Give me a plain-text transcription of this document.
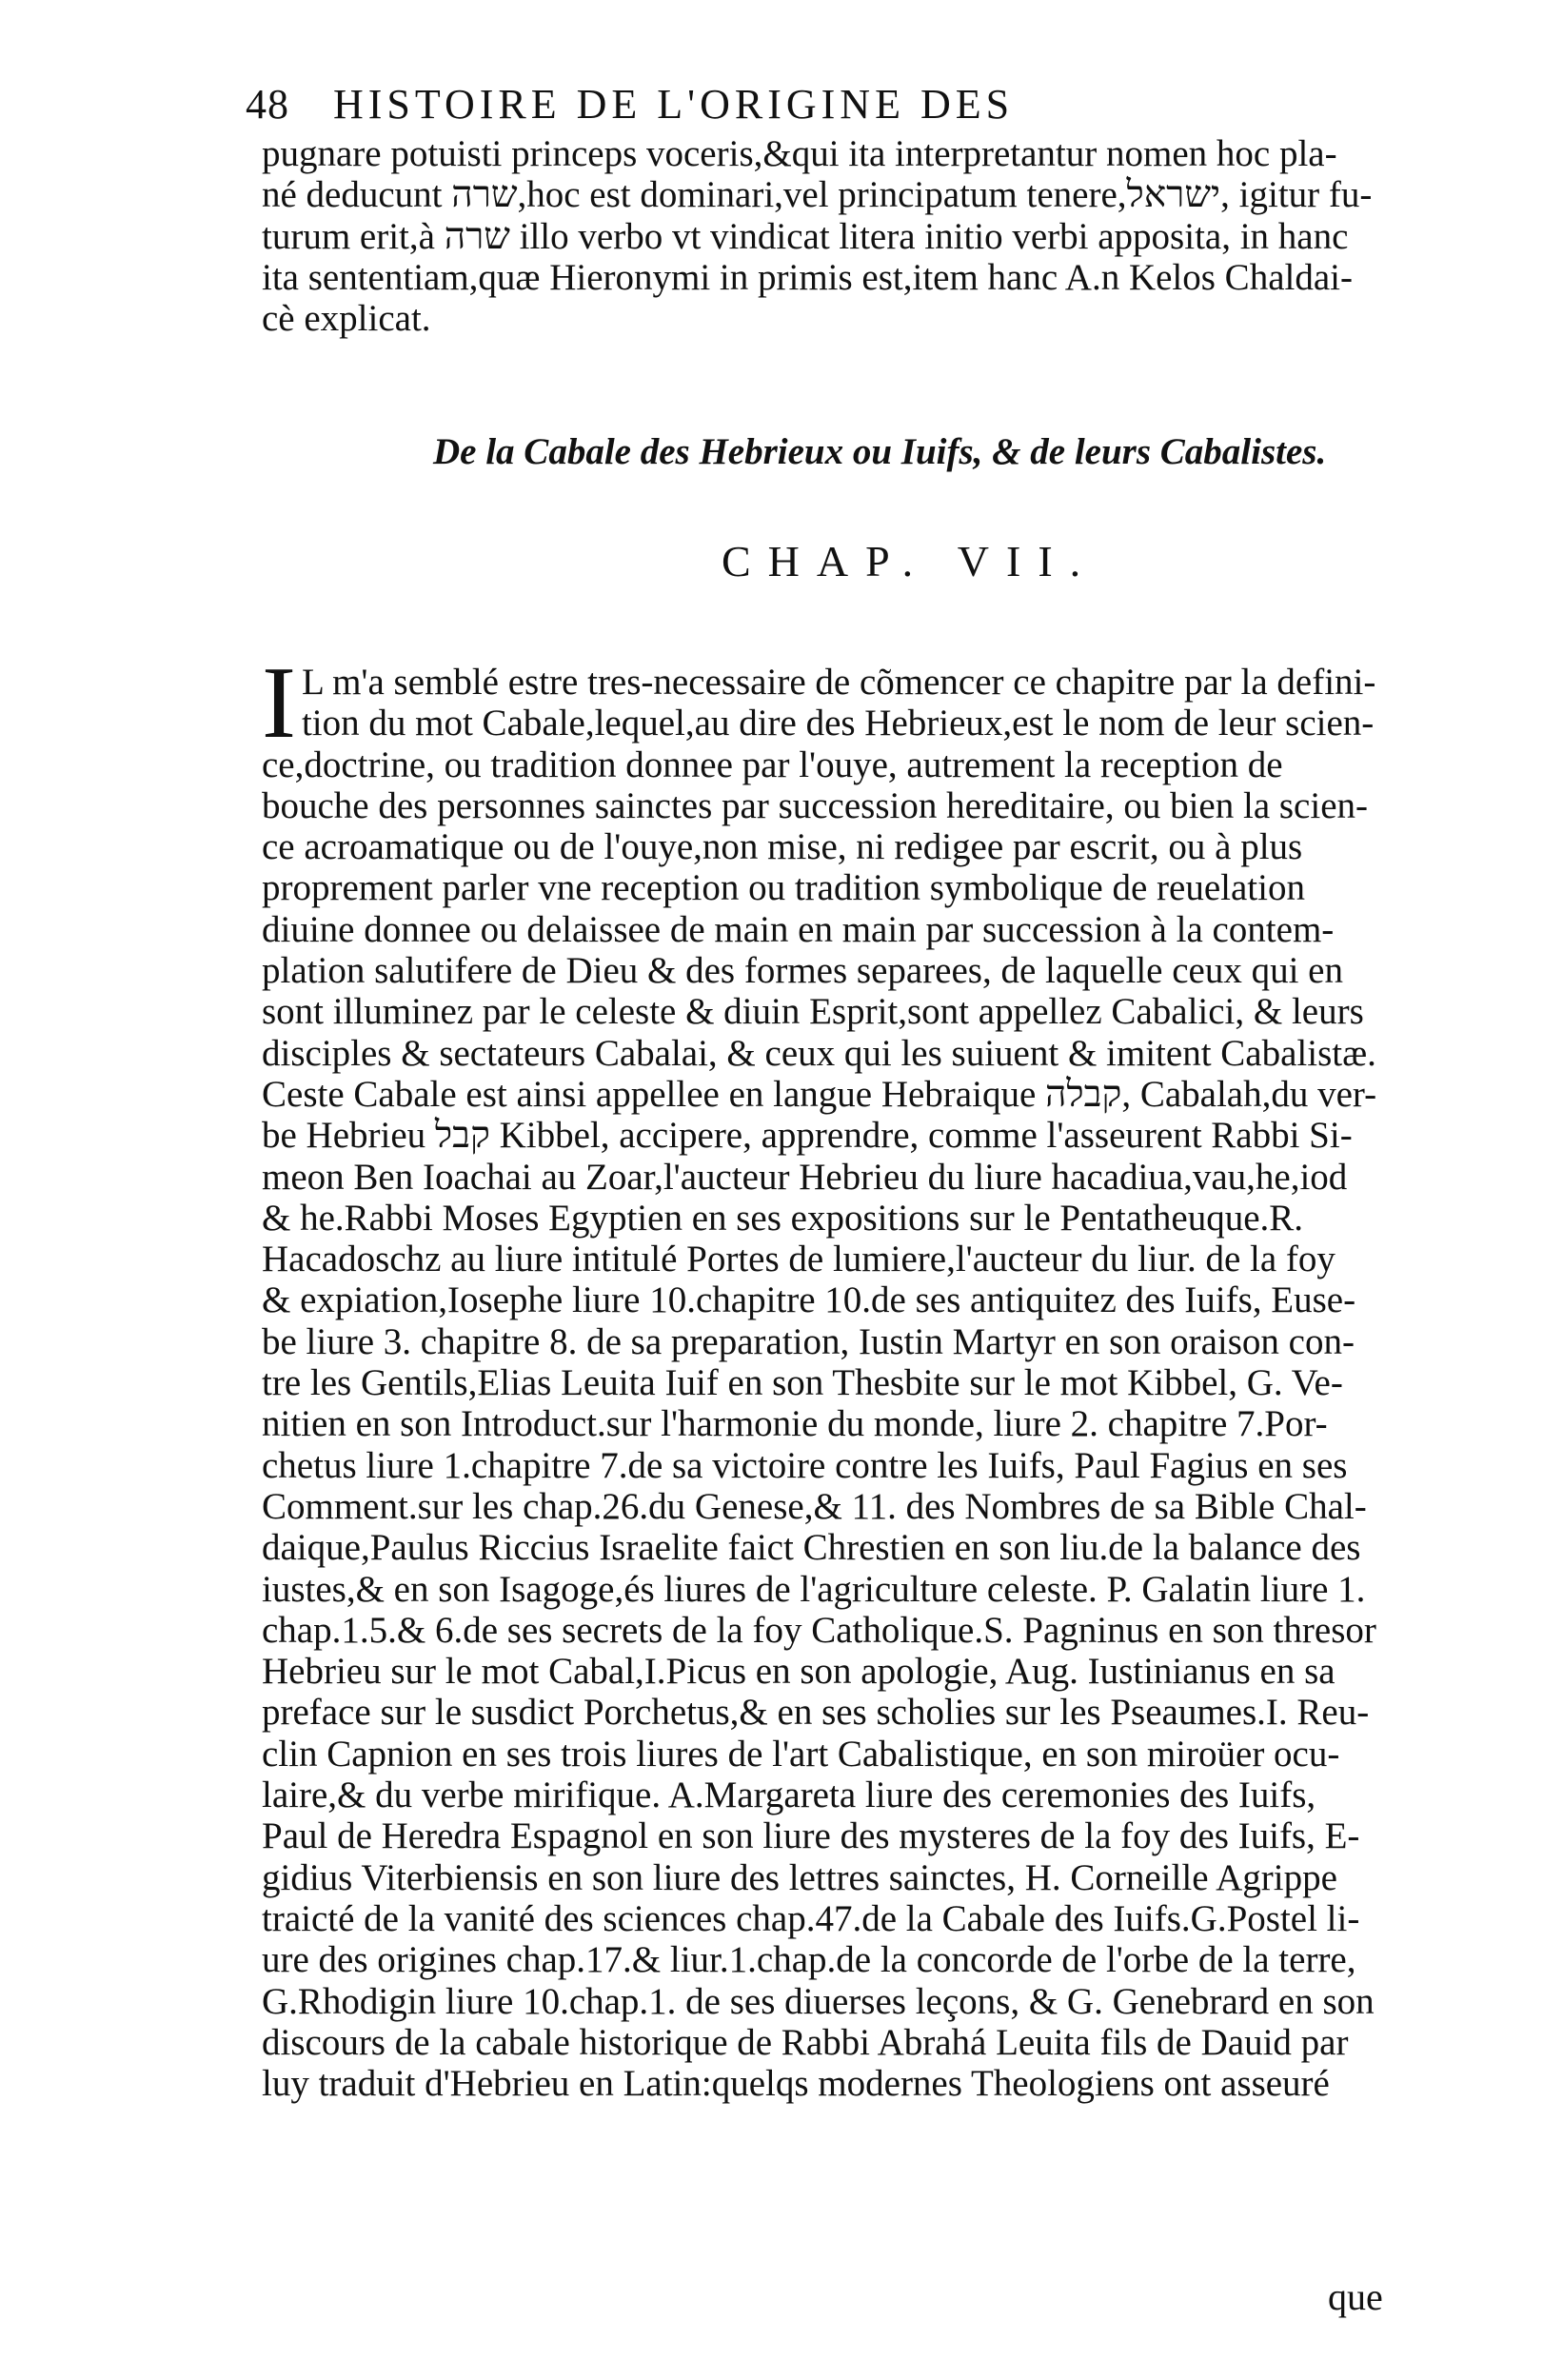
48 HISTOIRE DE L'ORIGINE DES
pugnare potuisti princeps voceris,&qui ita interpretantur nomen hoc pla-
né deducunt שרה,hoc est dominari,vel principatum tenere,ישראל, igitur fu-
turum erit,à שרה illo verbo vt vindicat litera initio verbi apposita, in hanc
ita sententiam,quæ Hieronymi in primis est,item hanc A.n Kelos Chaldai-
cè explicat.
De la Cabale des Hebrieux ou Iuifs, & de leurs Cabalistes.
CHAP. VII.
I L m'a semblé estre tres-necessaire de cõmencer ce chapitre par la defini-
tion du mot Cabale,lequel,au dire des Hebrieux,est le nom de leur scien-
ce,doctrine, ou tradition donnee par l'ouye, autrement la reception de
bouche des personnes sainctes par succession hereditaire, ou bien la scien-
ce acroamatique ou de l'ouye,non mise, ni redigee par escrit, ou à plus
proprement parler vne reception ou tradition symbolique de reuelation
diuine donnee ou delaissee de main en main par succession à la contem-
plation salutifere de Dieu & des formes separees, de laquelle ceux qui en
sont illuminez par le celeste & diuin Esprit,sont appellez Cabalici, & leurs
disciples & sectateurs Cabalai, & ceux qui les suiuent & imitent Cabalistæ.
Ceste Cabale est ainsi appellee en langue Hebraique קבלה, Cabalah,du ver-
be Hebrieu קבל Kibbel, accipere, apprendre, comme l'asseurent Rabbi Si-
meon Ben Ioachai au Zoar,l'aucteur Hebrieu du liure hacadiua,vau,he,iod
& he.Rabbi Moses Egyptien en ses expositions sur le Pentatheuque.R.
Hacadoschz au liure intitulé Portes de lumiere,l'aucteur du liur. de la foy
& expiation,Iosephe liure 10.chapitre 10.de ses antiquitez des Iuifs, Euse-
be liure 3. chapitre 8. de sa preparation, Iustin Martyr en son oraison con-
tre les Gentils,Elias Leuita Iuif en son Thesbite sur le mot Kibbel, G. Ve-
nitien en son Introduct.sur l'harmonie du monde, liure 2. chapitre 7.Por-
chetus liure 1.chapitre 7.de sa victoire contre les Iuifs, Paul Fagius en ses
Comment.sur les chap.26.du Genese,& 11. des Nombres de sa Bible Chal-
daique,Paulus Riccius Israelite faict Chrestien en son liu.de la balance des
iustes,& en son Isagoge,és liures de l'agriculture celeste. P. Galatin liure 1.
chap.1.5.& 6.de ses secrets de la foy Catholique.S. Pagninus en son thresor
Hebrieu sur le mot Cabal,I.Picus en son apologie, Aug. Iustinianus en sa
preface sur le susdict Porchetus,& en ses scholies sur les Pseaumes.I. Reu-
clin Capnion en ses trois liures de l'art Cabalistique, en son miroüer ocu-
laire,& du verbe mirifique. A.Margareta liure des ceremonies des Iuifs,
Paul de Heredra Espagnol en son liure des mysteres de la foy des Iuifs, E-
gidius Viterbiensis en son liure des lettres sainctes, H. Corneille Agrippe
traicté de la vanité des sciences chap.47.de la Cabale des Iuifs.G.Postel li-
ure des origines chap.17.& liur.1.chap.de la concorde de l'orbe de la terre,
G.Rhodigin liure 10.chap.1. de ses diuerses leçons, & G. Genebrard en son
discours de la cabale historique de Rabbi Abrahá Leuita fils de Dauid par
luy traduit d'Hebrieu en Latin:quelqs modernes Theologiens ont asseuré
que
